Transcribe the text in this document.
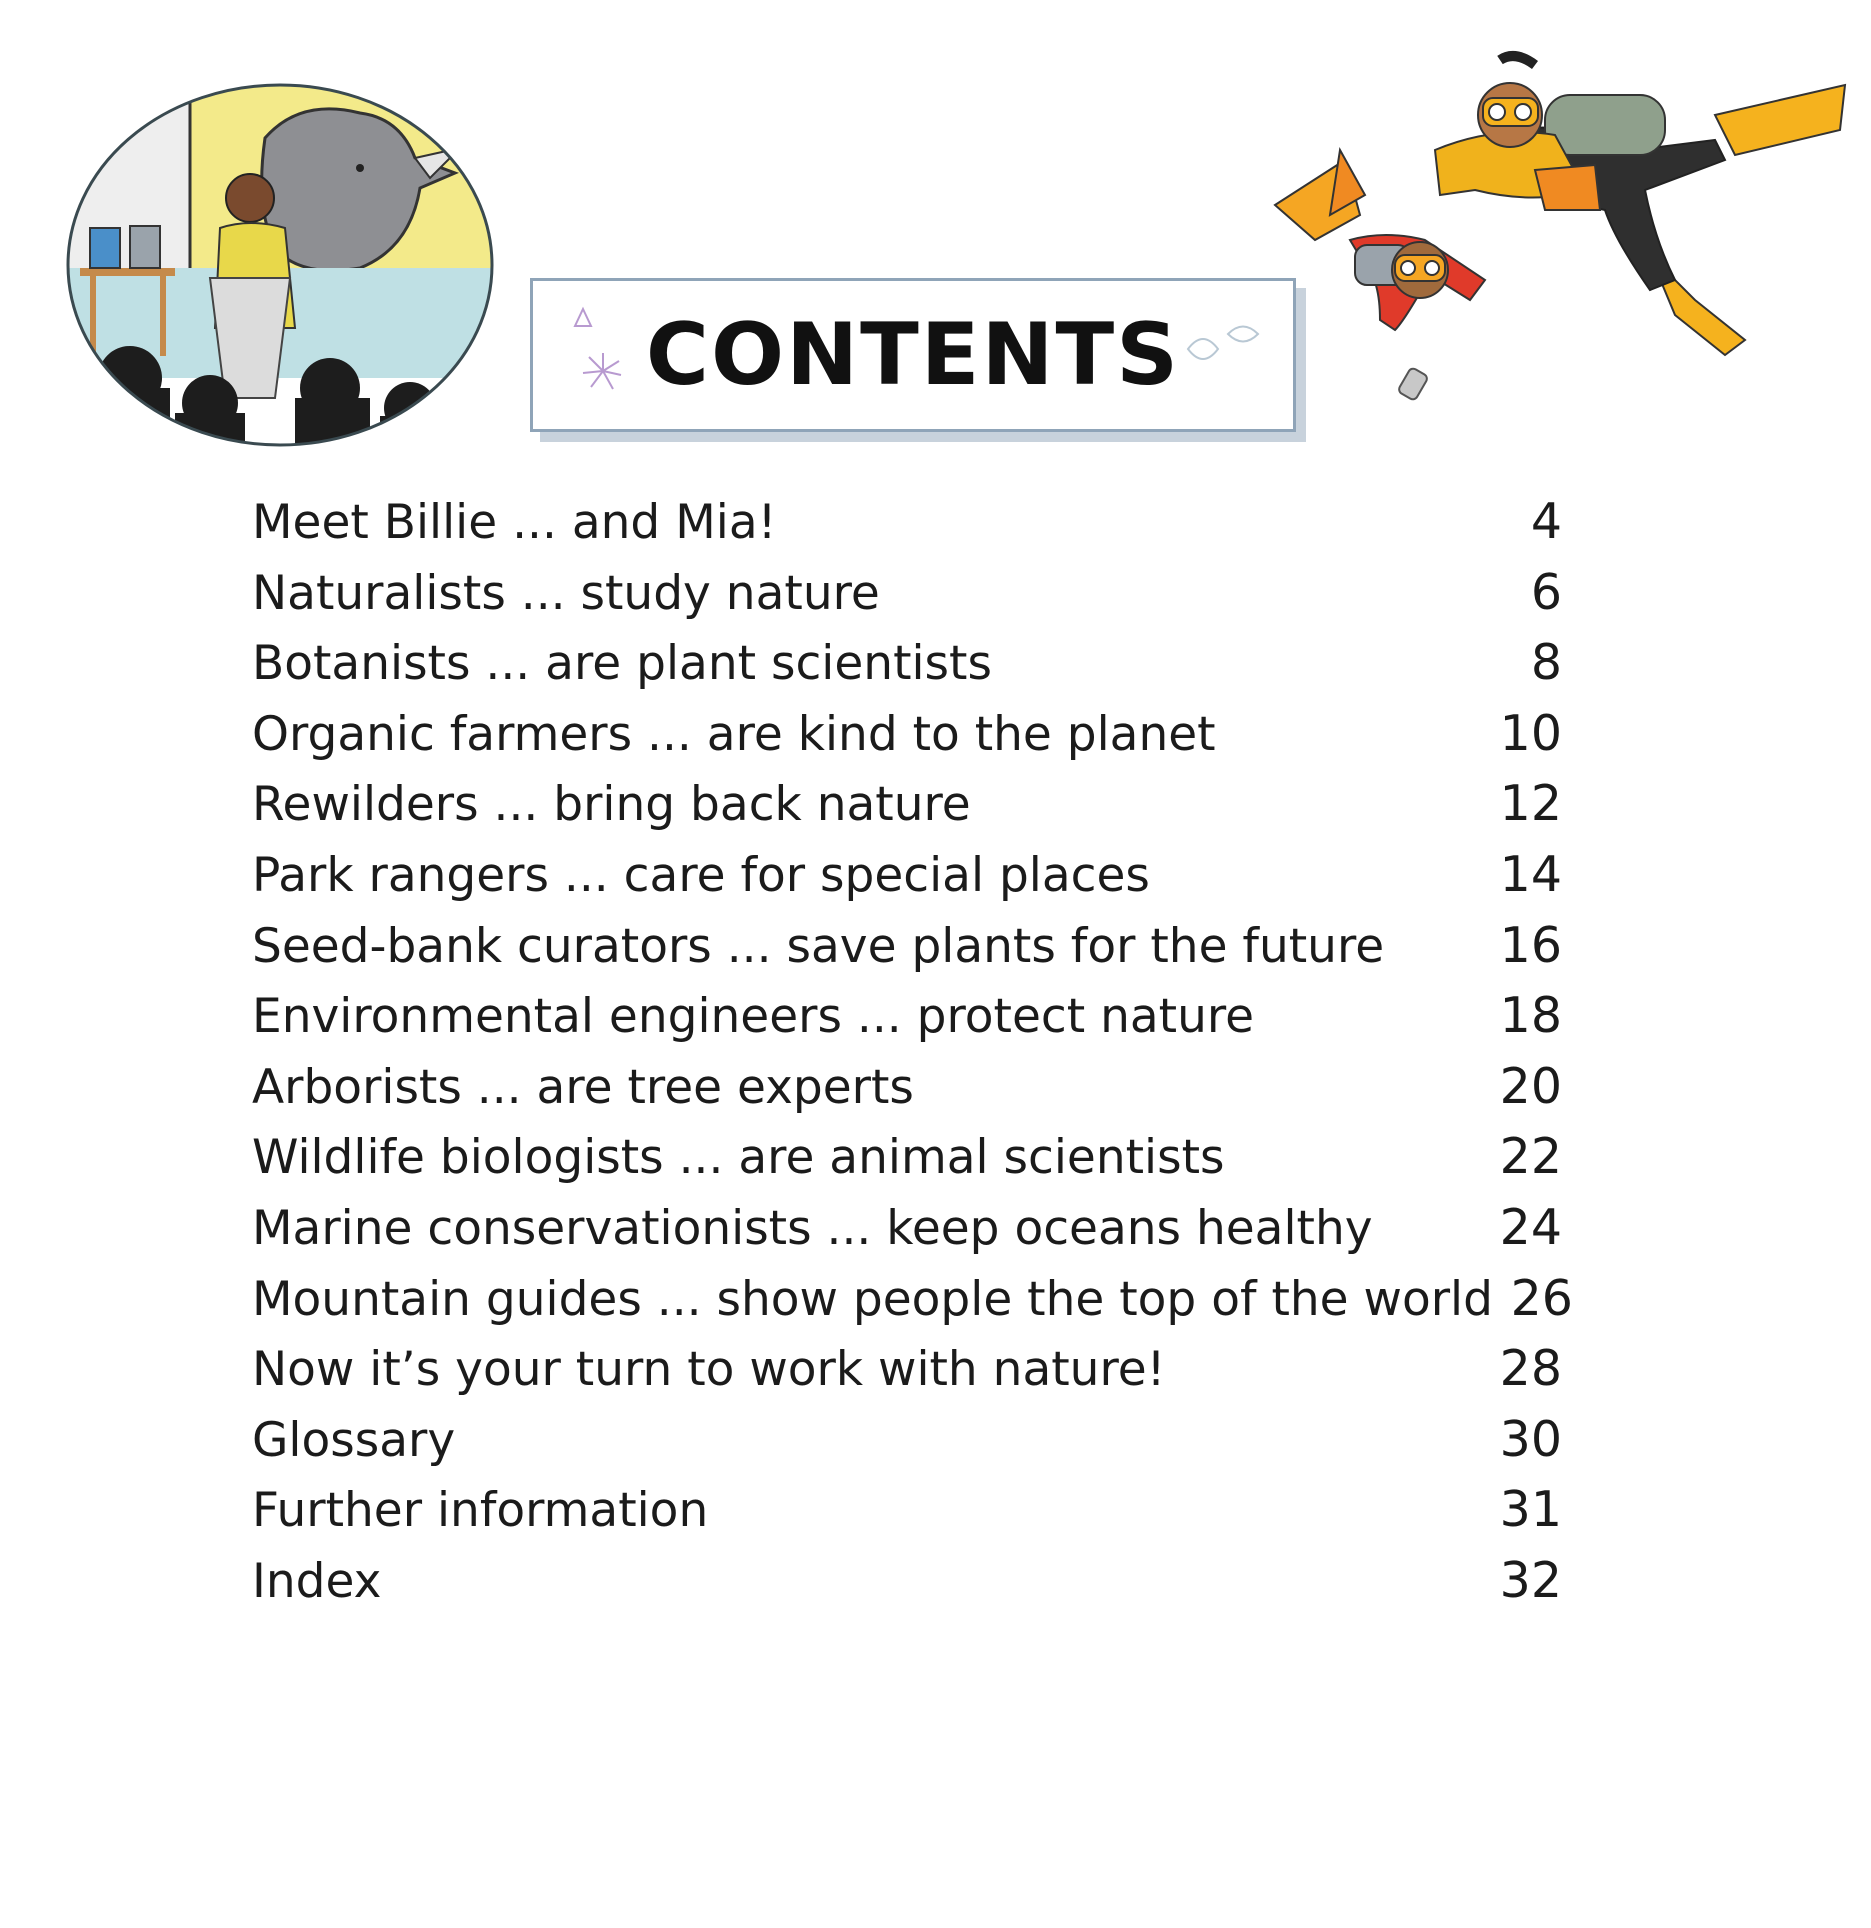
CONTENTS
Meet Billie ... and Mia!	4
Naturalists ... study nature	6
Botanists ... are plant scientists	8
Organic farmers ... are kind to the planet	10
Rewilders ... bring back nature	12
Park rangers ... care for special places	14
Seed-bank curators ... save plants for the future	16
Environmental engineers ... protect nature	18
Arborists ... are tree experts	20
Wildlife biologists ... are animal scientists	22
Marine conservationists ... keep oceans healthy	24
Mountain guides ... show people the top of the world 26
Now it’s your turn to work with nature!	28
Glossary	30
Further information	31
Index	32
